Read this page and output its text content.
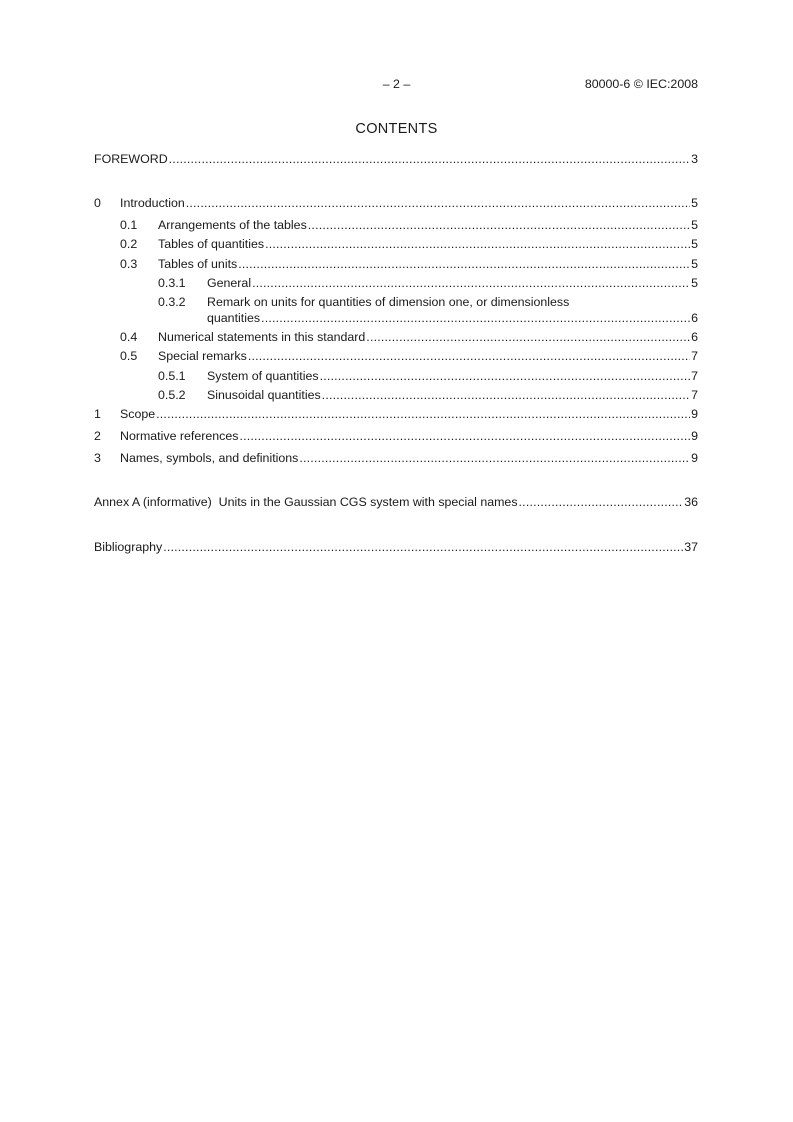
– 2 –	80000-6 © IEC:2008
CONTENTS
FOREWORD .....	3
0 Introduction .....	5
0.1 Arrangements of the tables .....	5
0.2 Tables of quantities .....	5
0.3 Tables of units .....	5
0.3.1 General .....	5
0.3.2 Remark on units for quantities of dimension one, or dimensionless
quantities .....	6
0.4 Numerical statements in this standard .....	6
0.5 Special remarks .....	7
0.5.1 System of quantities .....	7
0.5.2 Sinusoidal quantities .....	7
1 Scope .....	9
2 Normative references .....	9
3 Names, symbols, and definitions .....	9
Annex A (informative)  Units in the Gaussian CGS system with special names .....	36
Bibliography .....	37
